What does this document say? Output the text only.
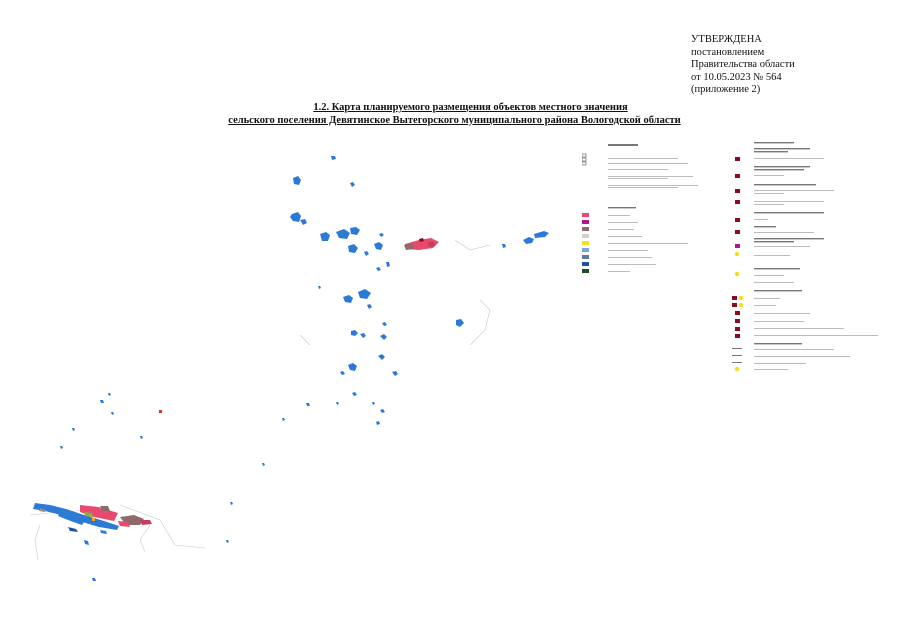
УТВЕРЖДЕНА
постановлением
Правительства области
от 10.05.2023 № 564
(приложение 2)
1.2. Карта планируемого размещения объектов местного значения
сельского поселения Девятинское Вытегорского муниципального района Вологодской области
